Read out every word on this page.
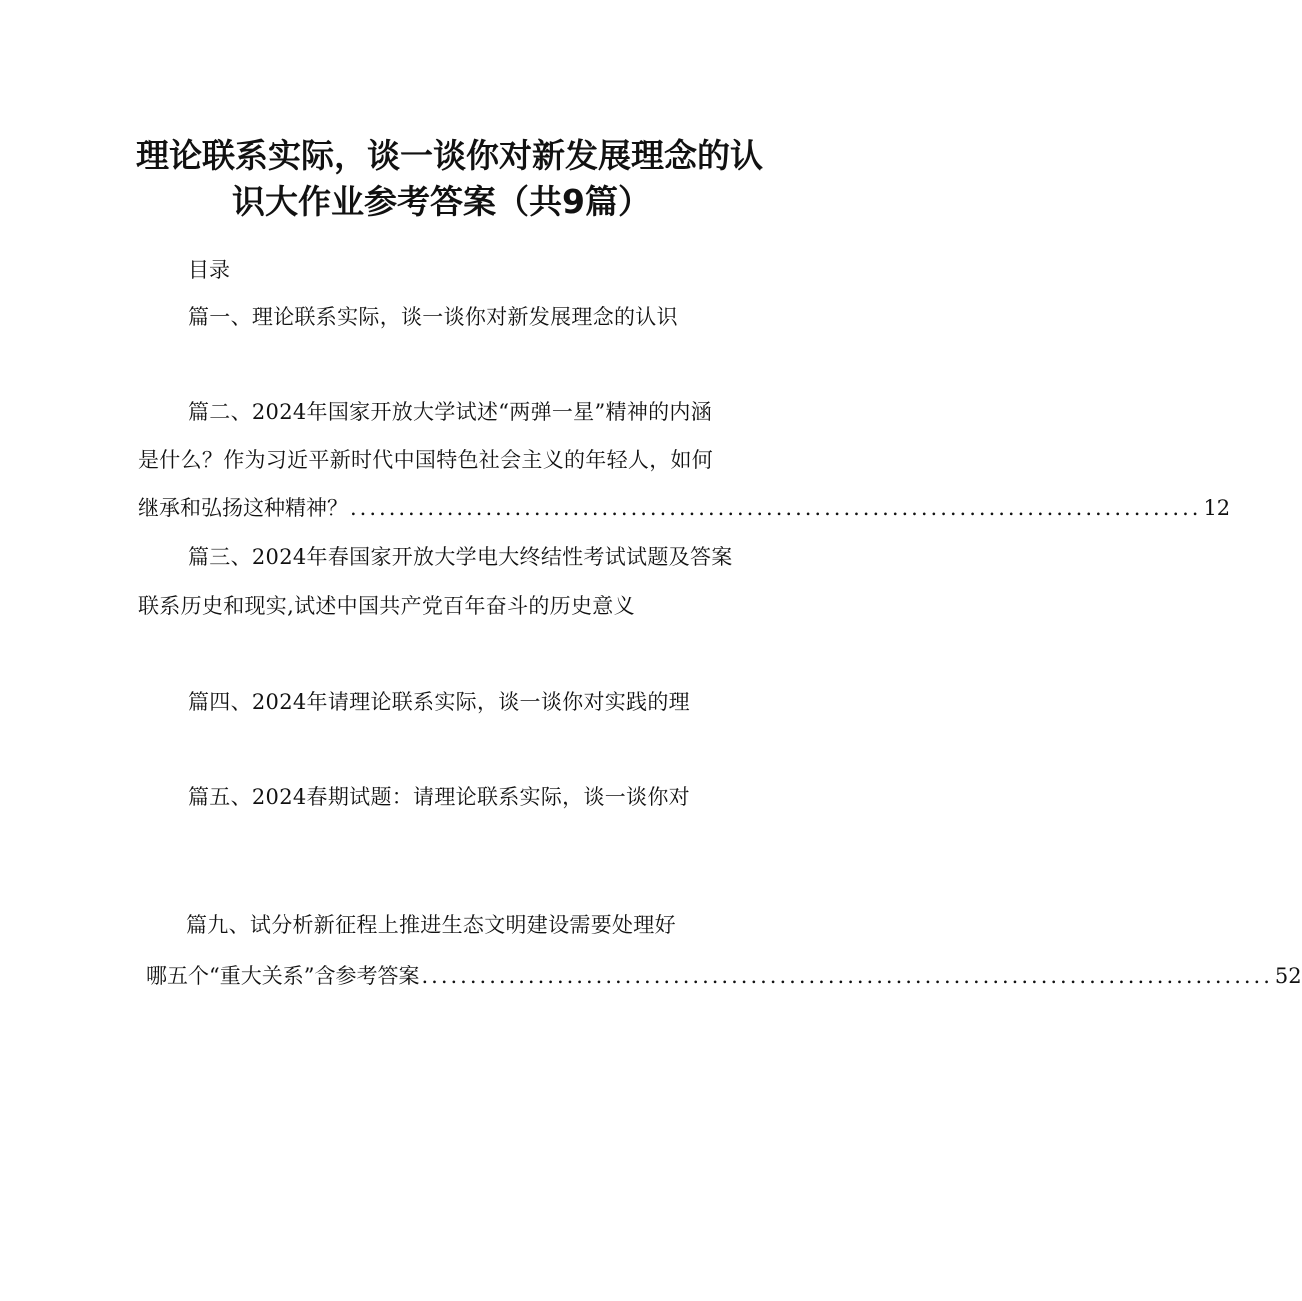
理论联系实际，谈一谈你对新发展理念的认
识大作业参考答案（共9篇）
目录
篇一、理论联系实际，谈一谈你对新发展理念的认识
篇二、2024年国家开放大学试述“两弹一星”精神的内涵
是什么？作为习近平新时代中国特色社会主义的年轻人，如何
继承和弘扬这种精神？ ........................................................................................ 12
篇三、2024年春国家开放大学电大终结性考试试题及答案
联系历史和现实,试述中国共产党百年奋斗的历史意义
篇四、2024年请理论联系实际，谈一谈你对实践的理
篇五、2024春期试题：请理论联系实际，谈一谈你对
篇九、试分析新征程上推进生态文明建设需要处理好
哪五个“重大关系”含参考答案 ........................................................................................ 52
